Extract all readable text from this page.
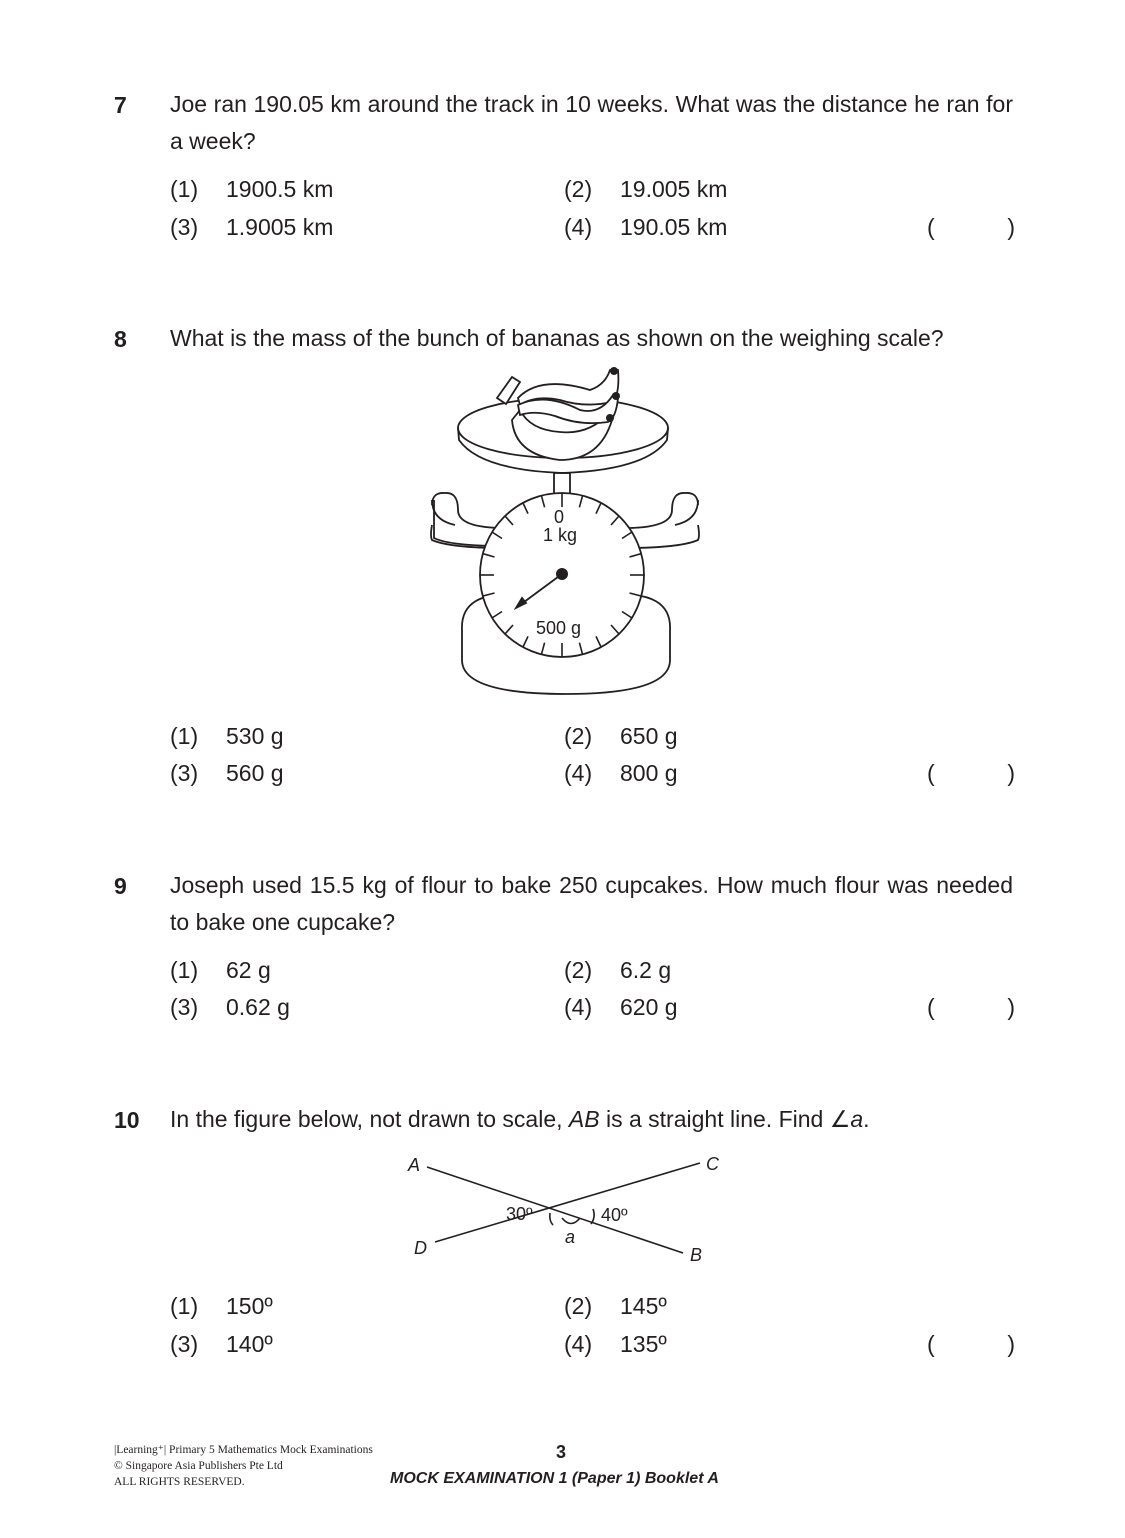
7 Joe ran 190.05 km around the track in 10 weeks. What was the distance he ran for a week?
(1) 1900.5 km	(2) 19.005 km
(3) 1.9005 km	(4) 190.05 km	(	)
8 What is the mass of the bunch of bananas as shown on the weighing scale?
0
1 kg
500 g
(1) 530 g	(2) 650 g
(3) 560 g	(4) 800 g	(	)
9 Joseph used 15.5 kg of flour to bake 250 cupcakes. How much flour was needed to bake one cupcake?
(1) 62 g	(2) 6.2 g
(3) 0.62 g	(4) 620 g	(	)
10 In the figure below, not drawn to scale, AB is a straight line. Find ∠a.
A	C
D	B
30º	40º
a
(1) 150º	(2) 145º
(3) 140º	(4) 135º	(	)
|Learning⁺| Primary 5 Mathematics Mock Examinations
© Singapore Asia Publishers Pte Ltd
ALL RIGHTS RESERVED.
3
MOCK EXAMINATION 1 (Paper 1) Booklet A
